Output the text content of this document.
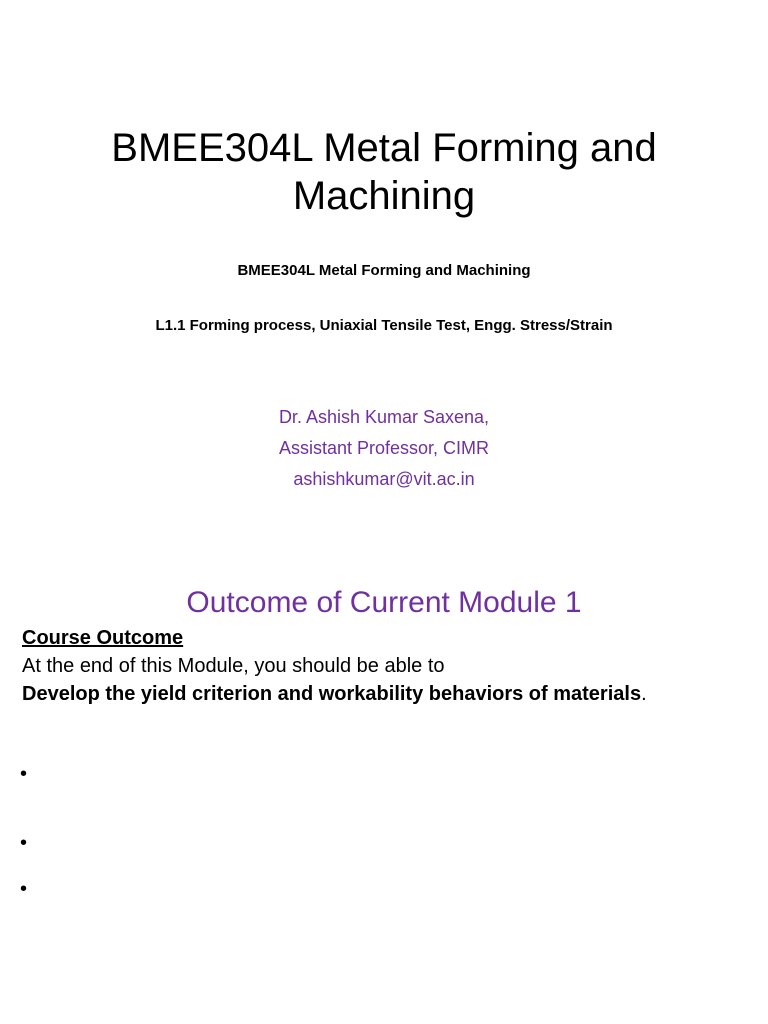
BMEE304L Metal Forming and
Machining

BMEE304L Metal Forming and Machining

L1.1 Forming process, Uniaxial Tensile Test, Engg. Stress/Strain

Dr. Ashish Kumar Saxena,
Assistant Professor, CIMR
ashishkumar@vit.ac.in
Outcome of Current Module 1

Course Outcome

At the end of this Module, you should be able to

Develop the yield criterion and workability behaviors of materials.

•
•
•
